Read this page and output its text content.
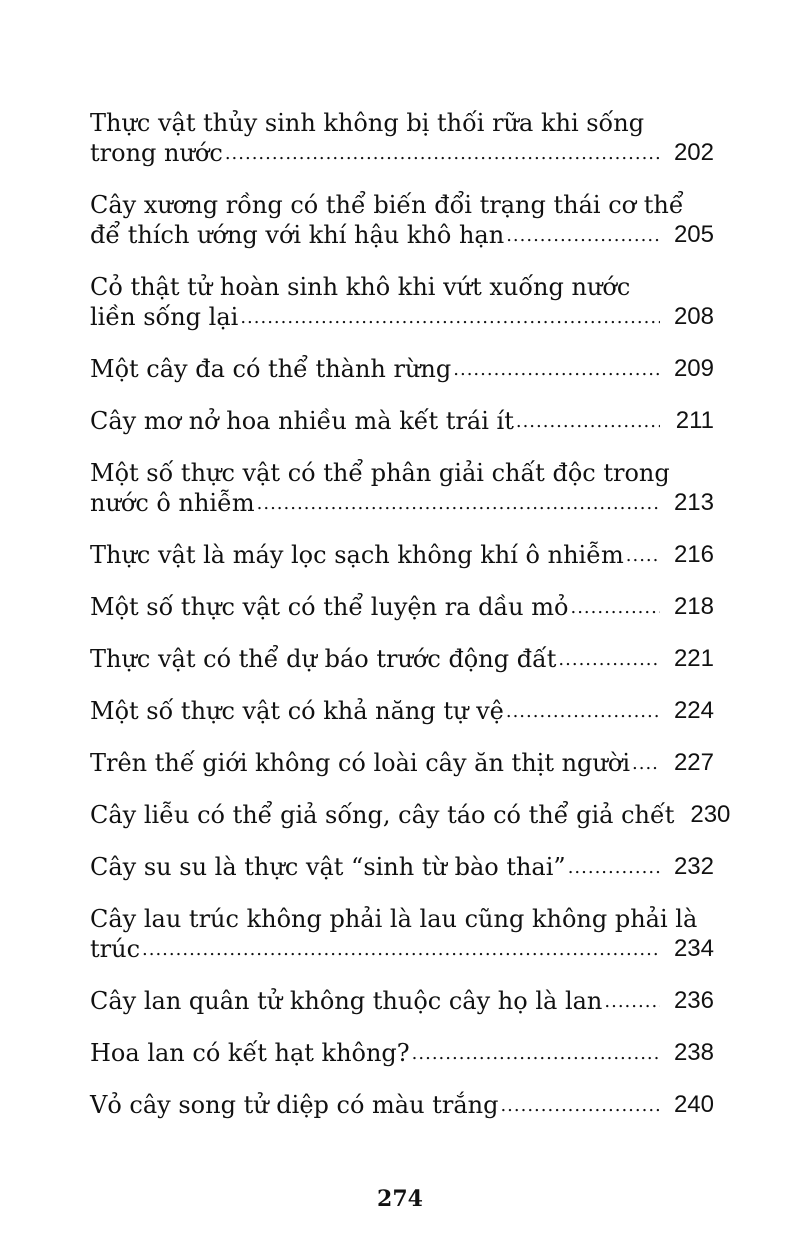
Thực vật thủy sinh không bị thối rữa khi sống
trong nước .....	202
Cây xương rồng có thể biến đổi trạng thái cơ thể
để thích ướng với khí hậu khô hạn .....	205
Cỏ thật tử hoàn sinh khô khi vứt xuống nước
liền sống lại .....	208
Một cây đa có thể thành rừng .....	209
Cây mơ nở hoa nhiều mà kết trái ít .....	211
Một số thực vật có thể phân giải chất độc trong
nước ô nhiễm .....	213
Thực vật là máy lọc sạch không khí ô nhiễm .....	216
Một số thực vật có thể luyện ra dầu mỏ .....	218
Thực vật có thể dự báo trước động đất .....	221
Một số thực vật có khả năng tự vệ .....	224
Trên thế giới không có loài cây ăn thịt người .....	227
Cây liễu có thể giả sống, cây táo có thể giả chết 230
Cây su su là thực vật “sinh từ bào thai” .....	232
Cây lau trúc không phải là lau cũng không phải là
trúc .....	234
Cây lan quân tử không thuộc cây họ là lan .....	236
Hoa lan có kết hạt không? .....	238
Vỏ cây song tử diệp có màu trắng .....	240
274
